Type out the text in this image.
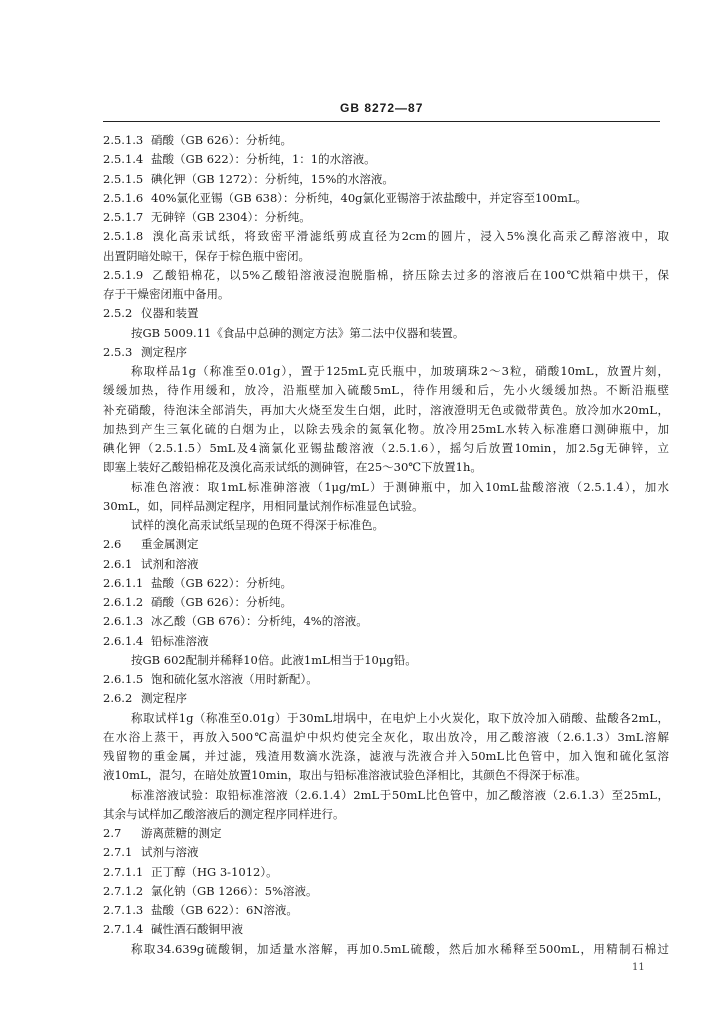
GB 8272—87
2.5.1.3 硝酸（GB 626）：分析纯。
2.5.1.4 盐酸（GB 622）：分析纯，1：1的水溶液。
2.5.1.5 碘化钾（GB 1272）：分析纯，15%的水溶液。
2.5.1.6 40%氯化亚锡（GB 638）：分析纯，40g氯化亚锡溶于浓盐酸中，并定容至100mL。
2.5.1.7 无砷锌（GB 2304）：分析纯。
2.5.1.8 溴化高汞试纸，将致密平滑滤纸剪成直径为2cm的圆片，浸入5%溴化高汞乙醇溶液中，取
出置阴暗处晾干，保存于棕色瓶中密闭。
2.5.1.9 乙酸铅棉花，以5%乙酸铅溶液浸泡脱脂棉，挤压除去过多的溶液后在100℃烘箱中烘干，保
存于干燥密闭瓶中备用。
2.5.2 仪器和装置
按GB 5009.11《食品中总砷的测定方法》第二法中仪器和装置。
2.5.3 测定程序
称取样品1g（称准至0.01g），置于125mL克氏瓶中，加玻璃珠2～3粒，硝酸10mL，放置片刻，
缓缓加热，待作用缓和，放冷，沿瓶壁加入硫酸5mL，待作用缓和后，先小火缓缓加热。不断沿瓶壁
补充硝酸，待泡沫全部消失，再加大火烧至发生白烟，此时，溶液澄明无色或微带黄色。放冷加水20mL，
加热到产生三氧化硫的白烟为止，以除去残余的氮氧化物。放冷用25mL水转入标准磨口测砷瓶中，加
碘化钾（2.5.1.5）5mL及4滴氯化亚锡盐酸溶液（2.5.1.6），摇匀后放置10min，加2.5g无砷锌，立
即塞上装好乙酸铅棉花及溴化高汞试纸的测砷管，在25～30℃下放置1h。
标准色溶液：取1mL标准砷溶液（1μg/mL）于测砷瓶中，加入10mL盐酸溶液（2.5.1.4），加水
30mL，如，同样品测定程序，用相同量试剂作标准显色试验。
试样的溴化高汞试纸呈现的色斑不得深于标准色。
2.6 重金属测定
2.6.1 试剂和溶液
2.6.1.1 盐酸（GB 622）：分析纯。
2.6.1.2 硝酸（GB 626）：分析纯。
2.6.1.3 冰乙酸（GB 676）：分析纯，4%的溶液。
2.6.1.4 铅标准溶液
按GB 602配制并稀释10倍。此液1mL相当于10μg铅。
2.6.1.5 饱和硫化氢水溶液（用时新配）。
2.6.2 测定程序
称取试样1g（称准至0.01g）于30mL坩埚中，在电炉上小火炭化，取下放冷加入硝酸、盐酸各2mL，
在水浴上蒸干，再放入500℃高温炉中炽灼使完全灰化，取出放冷，用乙酸溶液（2.6.1.3）3mL溶解
残留物的重金属，并过滤，残渣用数滴水洗涤，滤液与洗液合并入50mL比色管中，加入饱和硫化氢溶
液10mL，混匀，在暗处放置10min，取出与铅标准溶液试验色泽相比，其颜色不得深于标准。
标准溶液试验：取铅标准溶液（2.6.1.4）2mL于50mL比色管中，加乙酸溶液（2.6.1.3）至25mL，
其余与试样加乙酸溶液后的测定程序同样进行。
2.7 游离蔗糖的测定
2.7.1 试剂与溶液
2.7.1.1 正丁醇（HG 3-1012）。
2.7.1.2 氯化钠（GB 1266）：5%溶液。
2.7.1.3 盐酸（GB 622）：6N溶液。
2.7.1.4 碱性酒石酸铜甲液
称取34.639g硫酸铜，加适量水溶解，再加0.5mL硫酸，然后加水稀释至500mL，用精制石棉过
11
